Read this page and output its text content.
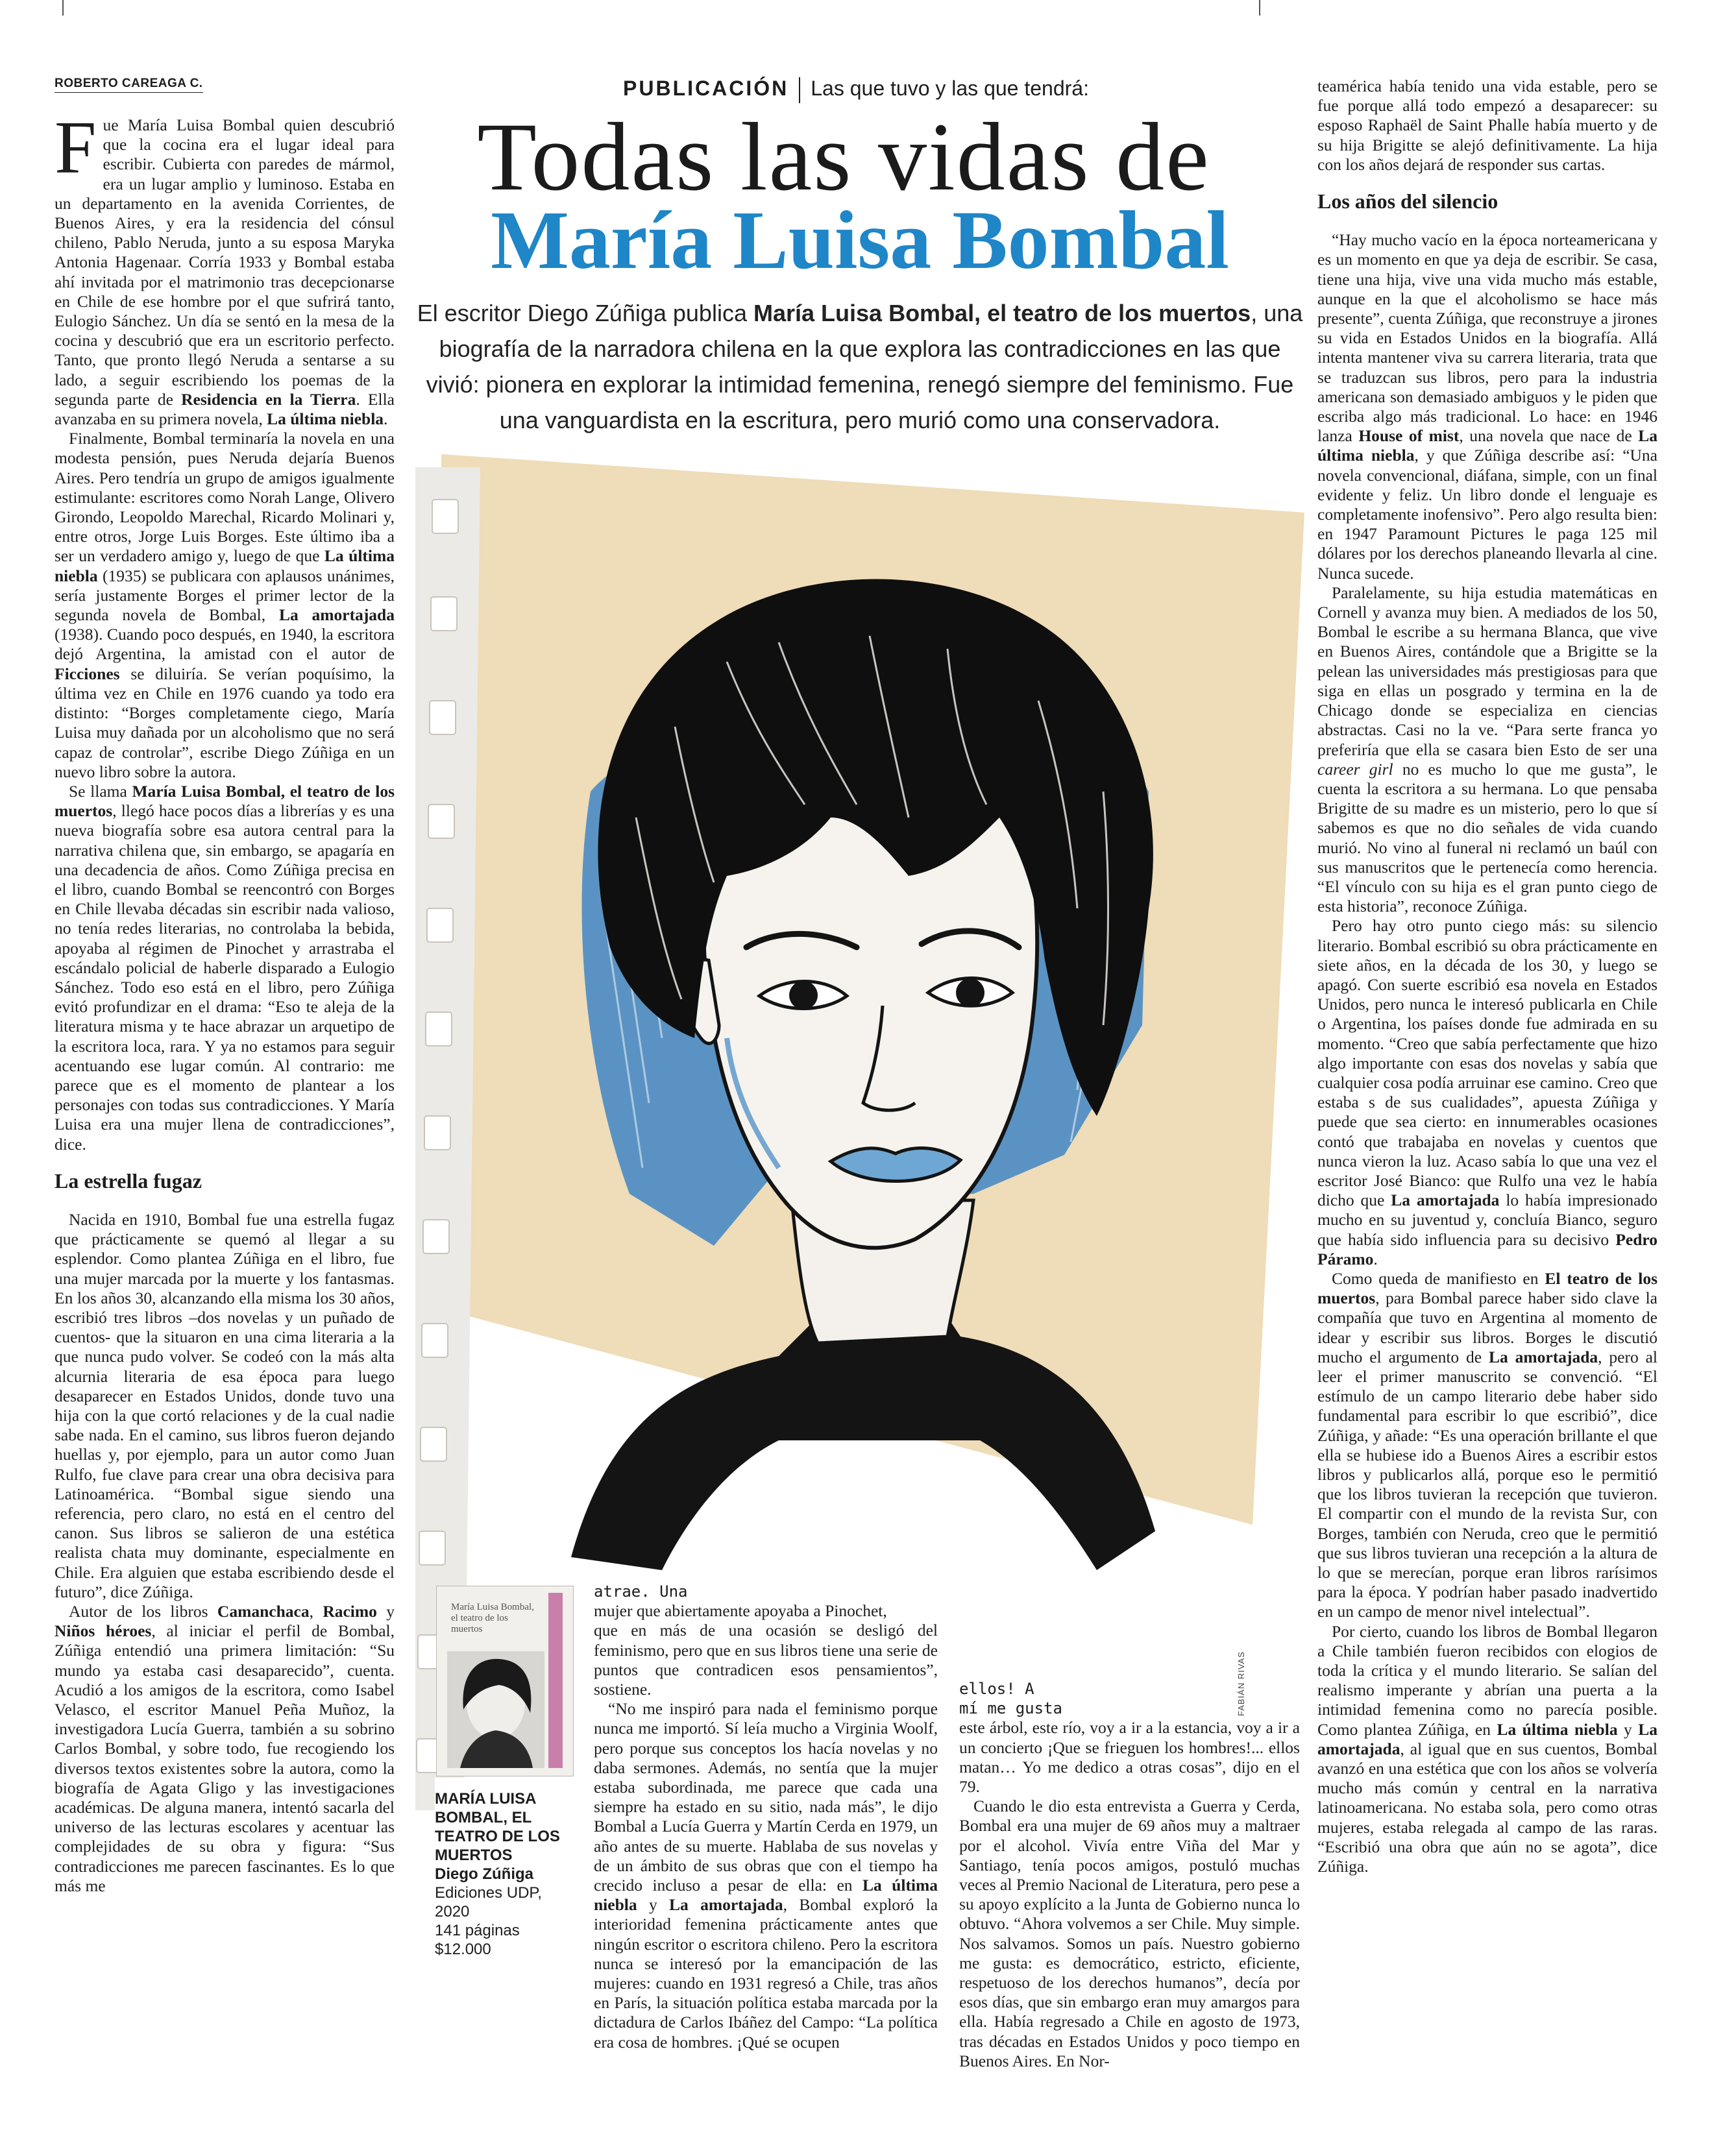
ROBERTO CAREAGA C.	PUBLICACIÓN Las que tuvo y las que tendrá:
Todas las vidas de
María Luisa Bombal
El escritor Diego Zúñiga publica María Luisa Bombal, el teatro de los muertos, una biografía de la narradora chilena en la que explora las contradicciones en las que vivió: pionera en explorar la intimidad femenina, renegó siempre del feminismo. Fue una vanguardista en la escritura, pero murió como una conservadora.

Fue María Luisa Bombal quien descubrió que la cocina era el lugar ideal para escribir. Cubierta con paredes de mármol, era un lugar amplio y luminoso. Estaba en un departamento en la avenida Corrientes, de Buenos Aires, y era la residencia del cónsul chileno, Pablo Neruda, junto a su esposa Maryka Antonia Hagenaar. Corría 1933 y Bombal estaba ahí invitada por el matrimonio tras decepcionarse en Chile de ese hombre por el que sufrirá tanto, Eulogio Sánchez. Un día se sentó en la mesa de la cocina y descubrió que era un escritorio perfecto. Tanto, que pronto llegó Neruda a sentarse a su lado, a seguir escribiendo los poemas de la segunda parte de Residencia en la Tierra. Ella avanzaba en su primera novela, La última niebla.

Finalmente, Bombal terminaría la novela en una modesta pensión, pues Neruda dejaría Buenos Aires. Pero tendría un grupo de amigos igualmente estimulante: escritores como Norah Lange, Olivero Girondo, Leopoldo Marechal, Ricardo Molinari y, entre otros, Jorge Luis Borges. Este último iba a ser un verdadero amigo y, luego de que La última niebla (1935) se publicara con aplausos unánimes, sería justamente Borges el primer lector de la segunda novela de Bombal, La amortajada (1938). Cuando poco después, en 1940, la escritora dejó Argentina, la amistad con el autor de Ficciones se diluiría. Se verían poquísimo, la última vez en Chile en 1976 cuando ya todo era distinto: “Borges completamente ciego, María Luisa muy dañada por un alcoholismo que no será capaz de controlar”, escribe Diego Zúñiga en un nuevo libro sobre la autora.

Se llama María Luisa Bombal, el teatro de los muertos, llegó hace pocos días a librerías y es una nueva biografía sobre esa autora central para la narrativa chilena que, sin embargo, se apagaría en una decadencia de años. Como Zúñiga precisa en el libro, cuando Bombal se reencontró con Borges en Chile llevaba décadas sin escribir nada valioso, no tenía redes literarias, no controlaba la bebida, apoyaba al régimen de Pinochet y arrastraba el escándalo policial de haberle disparado a Eulogio Sánchez. Todo eso está en el libro, pero Zúñiga evitó profundizar en el drama: “Eso te aleja de la literatura misma y te hace abrazar un arquetipo de la escritora loca, rara. Y ya no estamos para seguir acentuando ese lugar común. Al contrario: me parece que es el momento de plantear a los personajes con todas sus contradicciones. Y María Luisa era una mujer llena de contradicciones”, dice.

La estrella fugaz

Nacida en 1910, Bombal fue una estrella fugaz que prácticamente se quemó al llegar a su esplendor. Como plantea Zúñiga en el libro, fue una mujer marcada por la muerte y los fantasmas. En los años 30, alcanzando ella misma los 30 años, escribió tres libros –dos novelas y un puñado de cuentos- que la situaron en una cima literaria a la que nunca pudo volver. Se codeó con la más alta alcurnia literaria de esa época para luego desaparecer en Estados Unidos, donde tuvo una hija con la que cortó relaciones y de la cual nadie sabe nada. En el camino, sus libros fueron dejando huellas y, por ejemplo, para un autor como Juan Rulfo, fue clave para crear una obra decisiva para Latinoamérica. “Bombal sigue siendo una referencia, pero claro, no está en el centro del canon. Sus libros se salieron de una estética realista chata muy dominante, especialmente en Chile. Era alguien que estaba escribiendo desde el futuro”, dice Zúñiga.

Autor de los libros Camanchaca, Racimo y Niños héroes, al iniciar el perfil de Bombal, Zúñiga entendió una primera limitación: “Su mundo ya estaba casi desaparecido”, cuenta. Acudió a los amigos de la escritora, como Isabel Velasco, el escritor Manuel Peña Muñoz, la investigadora Lucía Guerra, también a su sobrino Carlos Bombal, y sobre todo, fue recogiendo los diversos textos existentes sobre la autora, como la biografía de Agata Gligo y las investigaciones académicas. De alguna manera, intentó sacarla del universo de las lecturas escolares y acentuar las complejidades de su obra y figura: “Sus contradicciones me parecen fascinantes. Es lo que más me

María Luisa Bombal, el teatro de los muertos
MARÍA LUISA BOMBAL, EL TEATRO DE LOS MUERTOS
Diego Zúñiga
Ediciones UDP, 2020
141 páginas
$12.000
FABIÁN RIVAS

atrae. Una

mujer que abiertamente apoyaba a Pinochet,

que en más de una ocasión se desligó del feminismo, pero que en sus libros tiene una serie de puntos que contradicen esos pensamientos”, sostiene.

“No me inspiró para nada el feminismo porque nunca me importó. Sí leía mucho a Virginia Woolf, pero porque sus conceptos los hacía novelas y no daba sermones. Además, no sentía que la mujer estaba subordinada, me parece que cada una siempre ha estado en su sitio, nada más”, le dijo Bombal a Lucía Guerra y Martín Cerda en 1979, un año antes de su muerte. Hablaba de sus novelas y de un ámbito de sus obras que con el tiempo ha crecido incluso a pesar de ella: en La última niebla y La amortajada, Bombal exploró la interioridad femenina prácticamente antes que ningún escritor o escritora chileno. Pero la escritora nunca se interesó por la emancipación de las mujeres: cuando en 1931 regresó a Chile, tras años en París, la situación política estaba marcada por la dictadura de Carlos Ibáñez del Campo: “La política era cosa de hombres. ¡Qué se ocupen

ellos! A

mí me gusta

este árbol, este río, voy a ir a la estancia, voy a ir a un concierto ¡Que se frieguen los hombres!... ellos matan… Yo me dedico a otras cosas”, dijo en el 79.

Cuando le dio esta entrevista a Guerra y Cerda, Bombal era una mujer de 69 años muy a maltraer por el alcohol. Vivía entre Viña del Mar y Santiago, tenía pocos amigos, postuló muchas veces al Premio Nacional de Literatura, pero pese a su apoyo explícito a la Junta de Gobierno nunca lo obtuvo. “Ahora volvemos a ser Chile. Muy simple. Nos salvamos. Somos un país. Nuestro gobierno me gusta: es democrático, estricto, eficiente, respetuoso de los derechos humanos”, decía por esos días, que sin embargo eran muy amargos para ella. Había regresado a Chile en agosto de 1973, tras décadas en Estados Unidos y poco tiempo en Buenos Aires. En Nor-

teamérica había tenido una vida estable, pero se fue porque allá todo empezó a desaparecer: su esposo Raphaël de Saint Phalle había muerto y de su hija Brigitte se alejó definitivamente. La hija con los años dejará de responder sus cartas.

Los años del silencio

“Hay mucho vacío en la época norteamericana y es un momento en que ya deja de escribir. Se casa, tiene una hija, vive una vida mucho más estable, aunque en la que el alcoholismo se hace más presente”, cuenta Zúñiga, que reconstruye a jirones su vida en Estados Unidos en la biografía. Allá intenta mantener viva su carrera literaria, trata que se traduzcan sus libros, pero para la industria americana son demasiado ambiguos y le piden que escriba algo más tradicional. Lo hace: en 1946 lanza House of mist, una novela que nace de La última niebla, y que Zúñiga describe así: “Una novela convencional, diáfana, simple, con un final evidente y feliz. Un libro donde el lenguaje es completamente inofensivo”. Pero algo resulta bien: en 1947 Paramount Pictures le paga 125 mil dólares por los derechos planeando llevarla al cine. Nunca sucede.

Paralelamente, su hija estudia matemáticas en Cornell y avanza muy bien. A mediados de los 50, Bombal le escribe a su hermana Blanca, que vive en Buenos Aires, contándole que a Brigitte se la pelean las universidades más prestigiosas para que siga en ellas un posgrado y termina en la de Chicago donde se especializa en ciencias abstractas. Casi no la ve. “Para serte franca yo preferiría que ella se casara bien Esto de ser una career girl no es mucho lo que me gusta”, le cuenta la escritora a su hermana. Lo que pensaba Brigitte de su madre es un misterio, pero lo que sí sabemos es que no dio señales de vida cuando murió. No vino al funeral ni reclamó un baúl con sus manuscritos que le pertenecía como herencia. “El vínculo con su hija es el gran punto ciego de esta historia”, reconoce Zúñiga.

Pero hay otro punto ciego más: su silencio literario. Bombal escribió su obra prácticamente en siete años, en la década de los 30, y luego se apagó. Con suerte escribió esa novela en Estados Unidos, pero nunca le interesó publicarla en Chile o Argentina, los países donde fue admirada en su momento. “Creo que sabía perfectamente que hizo algo importante con esas dos novelas y sabía que cualquier cosa podía arruinar ese camino. Creo que estaba s de sus cualidades”, apuesta Zúñiga y puede que sea cierto: en innumerables ocasiones contó que trabajaba en novelas y cuentos que nunca vieron la luz. Acaso sabía lo que una vez el escritor José Bianco: que Rulfo una vez le había dicho que La amortajada lo había impresionado mucho en su juventud y, concluía Bianco, seguro que había sido influencia para su decisivo Pedro Páramo.

Como queda de manifiesto en El teatro de los muertos, para Bombal parece haber sido clave la compañía que tuvo en Argentina al momento de idear y escribir sus libros. Borges le discutió mucho el argumento de La amortajada, pero al leer el primer manuscrito se convenció. “El estímulo de un campo literario debe haber sido fundamental para escribir lo que escribió”, dice Zúñiga, y añade: “Es una operación brillante el que ella se hubiese ido a Buenos Aires a escribir estos libros y publicarlos allá, porque eso le permitió que los libros tuvieran la recepción que tuvieron. El compartir con el mundo de la revista Sur, con Borges, también con Neruda, creo que le permitió que sus libros tuvieran una recepción a la altura de lo que se merecían, porque eran libros rarísimos para la época. Y podrían haber pasado inadvertido en un campo de menor nivel intelectual”.

Por cierto, cuando los libros de Bombal llegaron a Chile también fueron recibidos con elogios de toda la crítica y el mundo literario. Se salían del realismo imperante y abrían una puerta a la intimidad femenina como no parecía posible. Como plantea Zúñiga, en La última niebla y La amortajada, al igual que en sus cuentos, Bombal avanzó en una estética que con los años se volvería mucho más común y central en la narrativa latinoamericana. No estaba sola, pero como otras mujeres, estaba relegada al campo de las raras. “Escribió una obra que aún no se agota”, dice Zúñiga.
